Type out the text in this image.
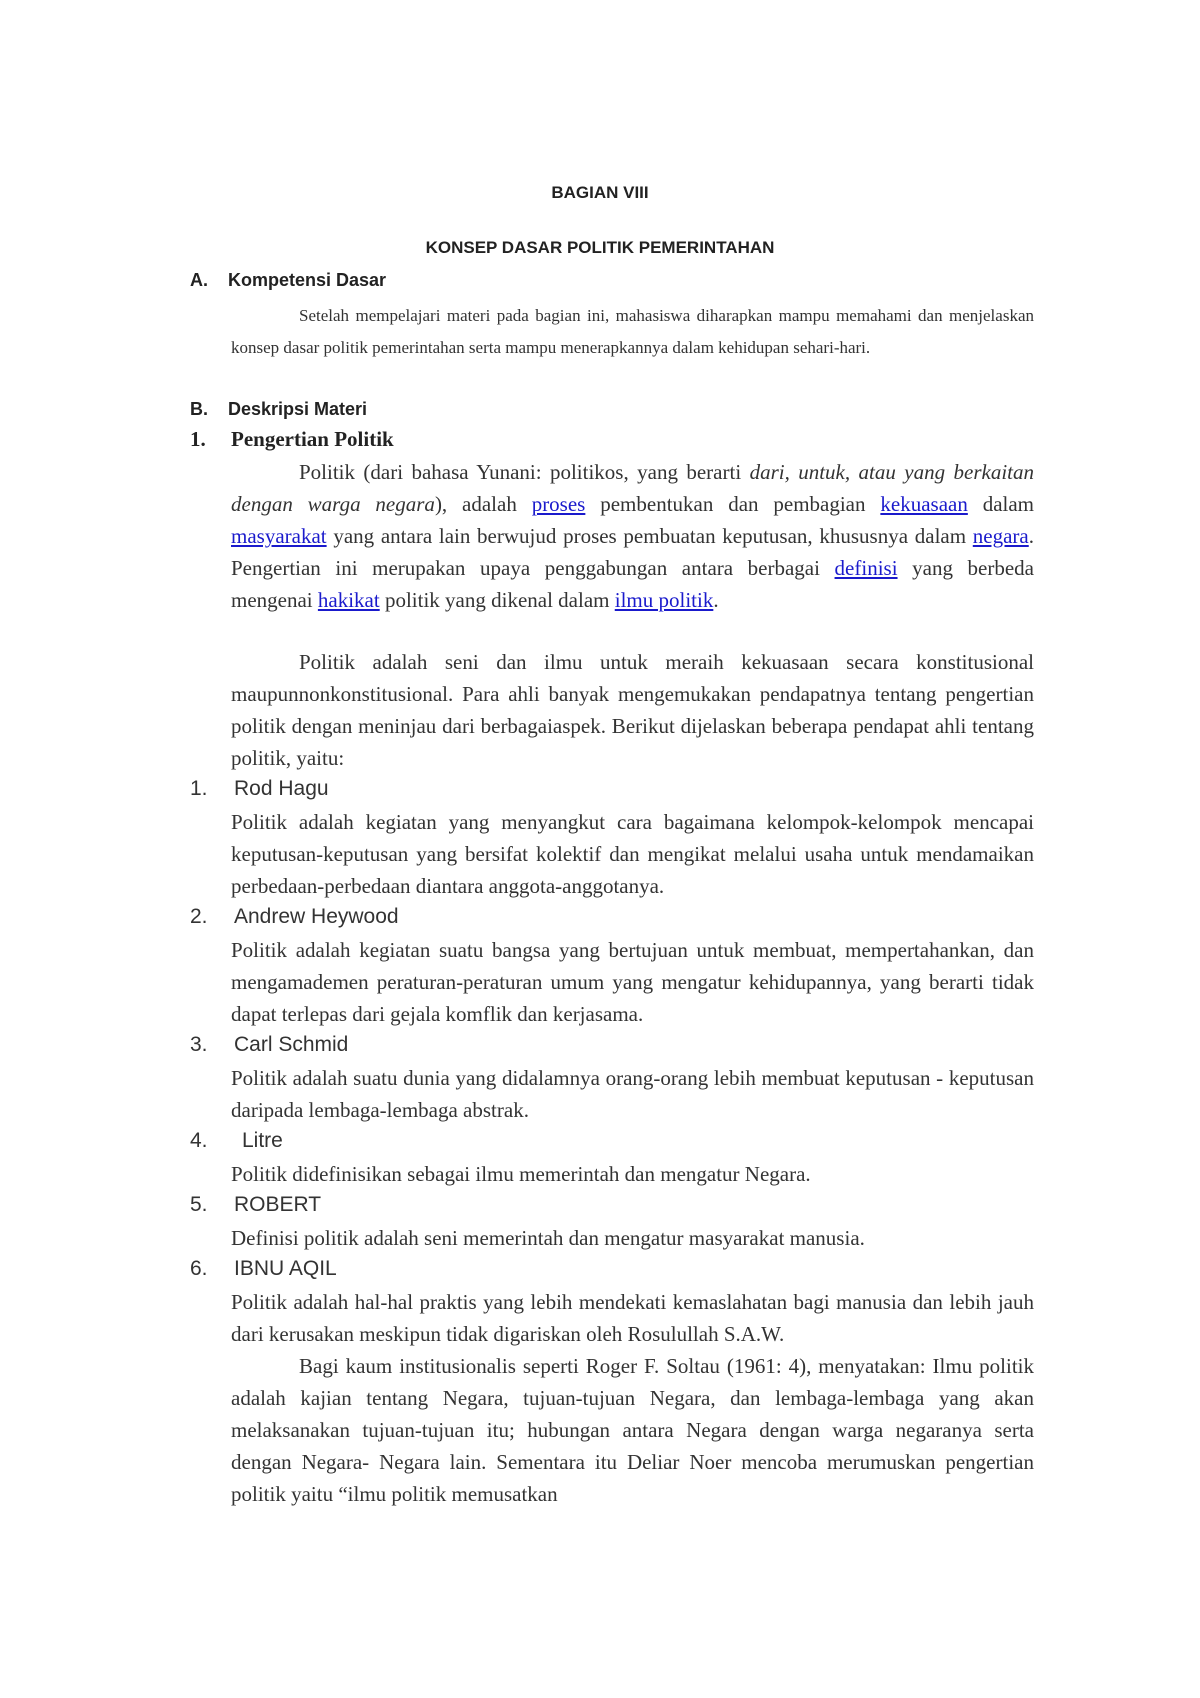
BAGIAN VIII
KONSEP DASAR POLITIK PEMERINTAHAN
A. Kompetensi Dasar

Setelah mempelajari materi pada bagian ini, mahasiswa diharapkan mampu memahami dan menjelaskan konsep dasar politik pemerintahan serta mampu menerapkannya dalam kehidupan sehari-hari.

B. Deskripsi Materi
1. Pengertian Politik

Politik (dari bahasa Yunani: politikos, yang berarti dari, untuk, atau yang berkaitan dengan warga negara), adalah proses pembentukan dan pembagian kekuasaan dalam masyarakat yang antara lain berwujud proses pembuatan keputusan, khususnya dalam negara. Pengertian ini merupakan upaya penggabungan antara berbagai definisi yang berbeda mengenai hakikat politik yang dikenal dalam ilmu politik.

Politik adalah seni dan ilmu untuk meraih kekuasaan secara konstitusional maupunnonkonstitusional. Para ahli banyak mengemukakan pendapatnya tentang pengertian politik dengan meninjau dari berbagaiaspek. Berikut dijelaskan beberapa pendapat ahli tentang politik, yaitu:

1. Rod Hagu

Politik adalah kegiatan yang menyangkut cara bagaimana kelompok-kelompok mencapai keputusan-keputusan yang bersifat kolektif dan mengikat melalui usaha untuk mendamaikan perbedaan-perbedaan diantara anggota-anggotanya.

2. Andrew Heywood

Politik adalah kegiatan suatu bangsa yang bertujuan untuk membuat, mempertahankan, dan mengamademen peraturan-peraturan umum yang mengatur kehidupannya, yang berarti tidak dapat terlepas dari gejala komflik dan kerjasama.

3. Carl Schmid

Politik adalah suatu dunia yang didalamnya orang-orang lebih membuat keputusan - keputusan daripada lembaga-lembaga abstrak.

4. Litre

Politik didefinisikan sebagai ilmu memerintah dan mengatur Negara.

5. ROBERT

Definisi politik adalah seni memerintah dan mengatur masyarakat manusia.

6. IBNU AQIL

Politik adalah hal-hal praktis yang lebih mendekati kemaslahatan bagi manusia dan lebih jauh dari kerusakan meskipun tidak digariskan oleh Rosulullah S.A.W.

Bagi kaum institusionalis seperti Roger F. Soltau (1961: 4), menyatakan: Ilmu politik adalah kajian tentang Negara, tujuan-tujuan Negara, dan lembaga-lembaga yang akan melaksanakan tujuan-tujuan itu; hubungan antara Negara dengan warga negaranya serta dengan Negara- Negara lain. Sementara itu Deliar Noer mencoba merumuskan pengertian politik yaitu “ilmu politik memusatkan
